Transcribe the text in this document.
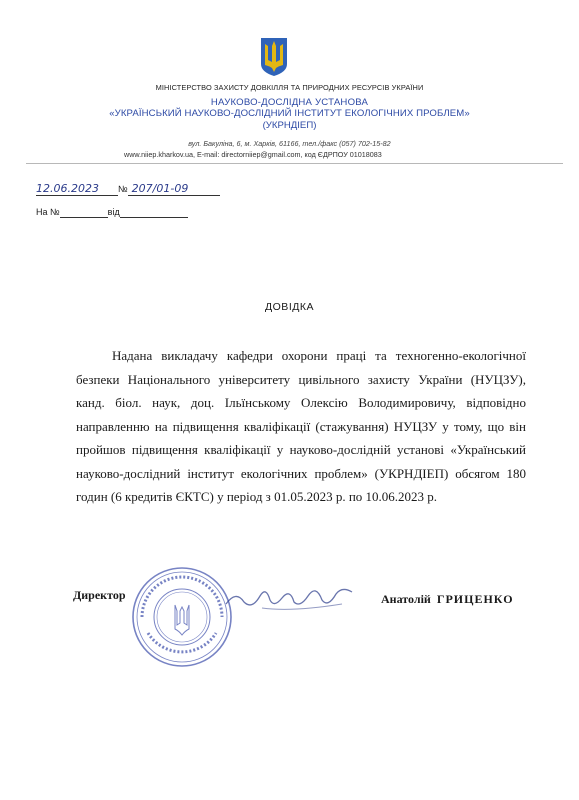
МІНІСТЕРСТВО ЗАХИСТУ ДОВКІЛЛЯ ТА ПРИРОДНИХ РЕСУРСІВ УКРАЇНИ
НАУКОВО-ДОСЛІДНА УСТАНОВА
«УКРАЇНСЬКИЙ НАУКОВО-ДОСЛІДНИЙ ІНСТИТУТ ЕКОЛОГІЧНИХ ПРОБЛЕМ»
(УКРНДІЕП)
вул. Бакуліна, 6, м. Харків, 61166, тел./факс (057) 702-15-82
www.niiep.kharkov.ua, E-mail: directorniiep@gmail.com, код ЄДРПОУ 01018083
12.06.2023 № 207/01-09
На №	від
ДОВІДКА

Надана викладачу кафедри охорони праці та техногенно-екологічної безпеки Національного університету цивільного захисту України (НУЦЗУ), канд. біол. наук, доц. Ільїнському Олексію Володимировичу, відповідно направленню на підвищення кваліфікації (стажування) НУЦЗУ у тому, що він пройшов підвищення кваліфікації у науково-дослідній установі «Український науково-дослідний інститут екологічних проблем» (УКРНДІЕП) обсягом 180 годин (6 кредитів ЄКТС) у період з 01.05.2023 р. по 10.06.2023 р.

Директор	Анатолій ГРИЦЕНКО
